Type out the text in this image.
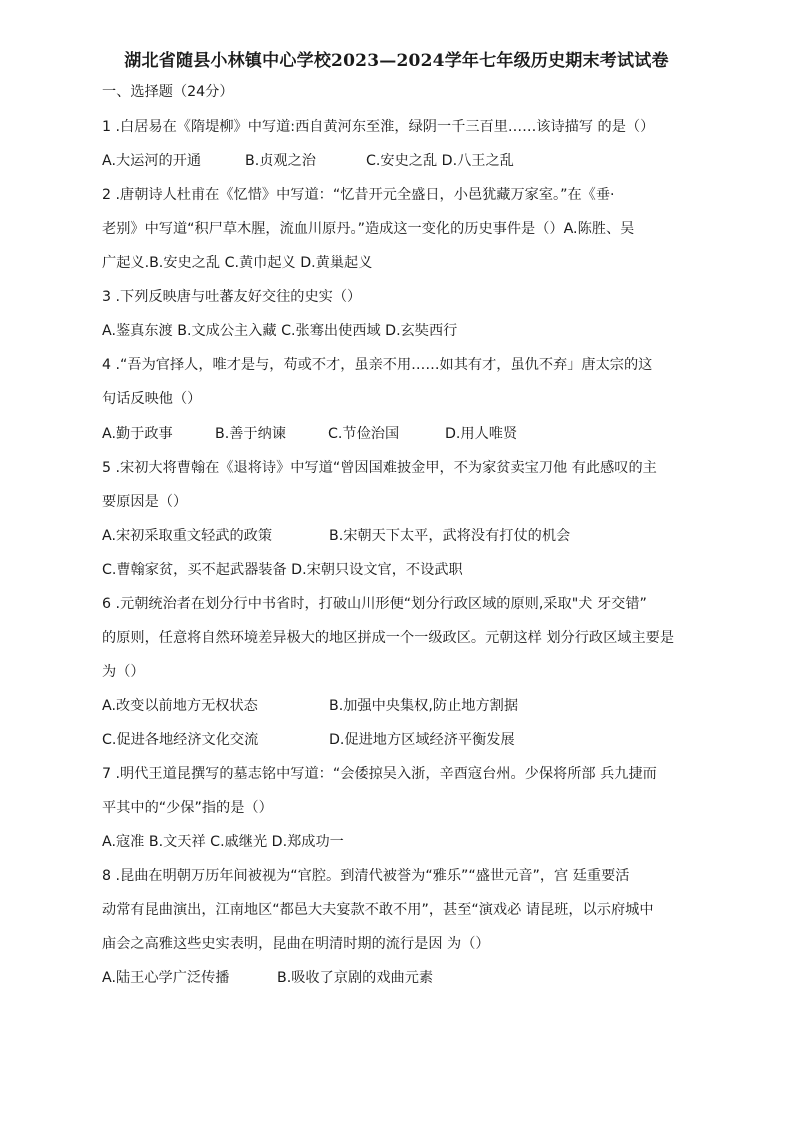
湖北省随县小林镇中心学校2023—2024学年七年级历史期末考试试卷
一、选择题（24分）
1 .白居易在《隋堤柳》中写道:西自黄河东至淮，绿阴一千三百里……该诗描写 的是（）
A.大运河的开通	B.贞观之治	C.安史之乱 D.八王之乱
2 .唐朝诗人杜甫在《忆惜》中写道：“忆昔开元全盛日，小邑犹藏万家室。”在《垂·
老别》中写道“积尸草木腥，流血川原丹。”造成这一变化的历史事件是（）A.陈胜、吴
广起义.B.安史之乱 C.黄巾起义 D.黄巢起义
3 .下列反映唐与吐蕃友好交往的史实（）
A.鉴真东渡 B.文成公主入藏 C.张骞出使西域 D.玄奘西行
4 .“吾为官择人，唯才是与，苟或不才，虽亲不用……如其有才，虽仇不弃」唐太宗的这
句话反映他（）
A.勤于政事	B.善于纳谏	C.节俭治国	D.用人唯贤
5 .宋初大将曹翰在《退将诗》中写道“曾因国难披金甲，不为家贫卖宝刀他 有此感叹的主
要原因是（）
A.宋初采取重文轻武的政策	B.宋朝天下太平，武将没有打仗的机会
C.曹翰家贫，买不起武器装备 D.宋朝只设文官，不设武职
6 .元朝统治者在划分行中书省时，打破山川形便“划分行政区域的原则,采取"犬 牙交错”
的原则，任意将自然环境差异极大的地区拼成一个一级政区。元朝这样 划分行政区域主要是
为（）
A.改变以前地方无权状态	B.加强中央集权,防止地方割据
C.促进各地经济文化交流	D.促进地方区域经济平衡发展
7 .明代王道昆撰写的墓志铭中写道：“会倭掠吴入浙，辛酉寇台州。少保将所部 兵九捷而
平其中的“少保”指的是（）
A.寇准 B.文天祥 C.戚继光 D.郑成功一
8 .昆曲在明朝万历年间被视为“官腔。到清代被誉为“雅乐”“盛世元音”，宫 廷重要活
动常有昆曲演出，江南地区“都邑大夫宴款不敢不用”，甚至“演戏必 请昆班，以示府城中
庙会之高雅这些史实表明，昆曲在明清时期的流行是因 为（）
A.陆王心学广泛传播	B.吸收了京剧的戏曲元素
